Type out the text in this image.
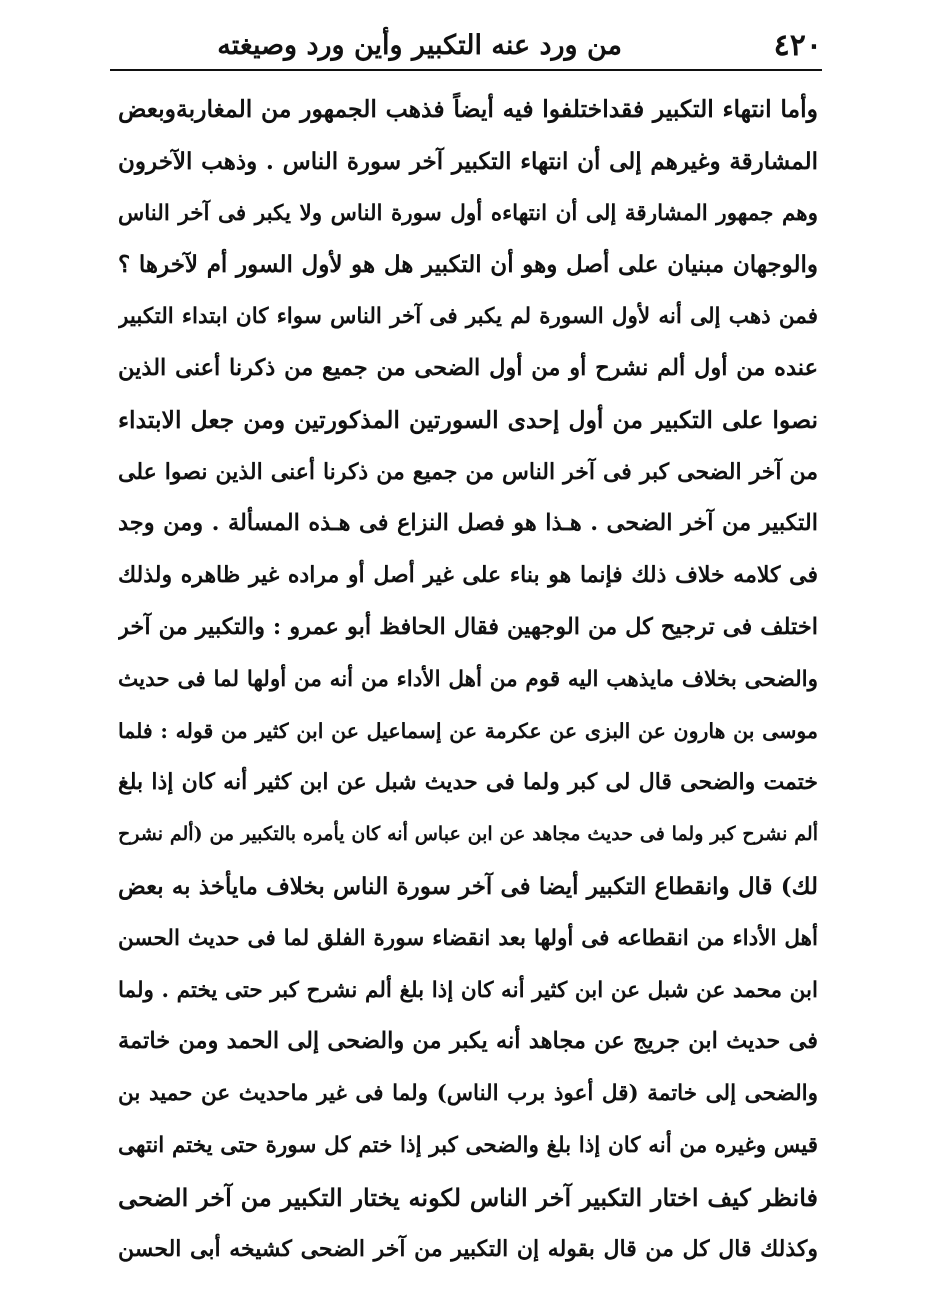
٤٢٠
من ورد عنه التكبير وأين ورد وصيغته
وأما انتهاء التكبير فقداختلفوا فيه أيضاً فذهب الجمهور من المغاربةوبعض
المشارقة وغيرهم إلى أن انتهاء التكبير آخر سورة الناس . وذهب الآخرون
وهم جمهور المشارقة إلى أن انتهاءه أول سورة الناس ولا يكبر فى آخر الناس
والوجهان مبنيان على أصل وهو أن التكبير هل هو لأول السور أم لآخرها ؟
فمن ذهب إلى أنه لأول السورة لم يكبر فى آخر الناس سواء كان ابتداء التكبير
عنده من أول ألم نشرح أو من أول الضحى من جميع من ذكرنا أعنى الذين
نصوا على التكبير من أول إحدى السورتين المذكورتين ومن جعل الابتداء
من آخر الضحى كبر فى آخر الناس من جميع من ذكرنا أعنى الذين نصوا على
التكبير من آخر الضحى . هـذا هو فصل النزاع فى هـذه المسألة . ومن وجد
فى كلامه خلاف ذلك فإنما هو بناء على غير أصل أو مراده غير ظاهره ولذلك
اختلف فى ترجيح كل من الوجهين فقال الحافظ أبو عمرو : والتكبير من آخر
والضحى بخلاف مايذهب اليه قوم من أهل الأداء من أنه من أولها لما فى حديث
موسى بن هارون عن البزى عن عكرمة عن إسماعيل عن ابن كثير من قوله : فلما
ختمت والضحى قال لى كبر ولما فى حديث شبل عن ابن كثير أنه كان إذا بلغ
ألم نشرح كبر ولما فى حديث مجاهد عن ابن عباس أنه كان يأمره بالتكبير من (ألم نشرح
لك) قال وانقطاع التكبير أيضا فى آخر سورة الناس بخلاف مايأخذ به بعض
أهل الأداء من انقطاعه فى أولها بعد انقضاء سورة الفلق لما فى حديث الحسن
ابن محمد عن شبل عن ابن كثير أنه كان إذا بلغ ألم نشرح كبر حتى يختم . ولما
فى حديث ابن جريج عن مجاهد أنه يكبر من والضحى إلى الحمد ومن خاتمة
والضحى إلى خاتمة (قل أعوذ برب الناس) ولما فى غير ماحديث عن حميد بن
قيس وغيره من أنه كان إذا بلغ والضحى كبر إذا ختم كل سورة حتى يختم انتهى
فانظر كيف اختار التكبير آخر الناس لكونه يختار التكبير من آخر الضحى
وكذلك قال كل من قال بقوله إن التكبير من آخر الضحى كشيخه أبى الحسن
